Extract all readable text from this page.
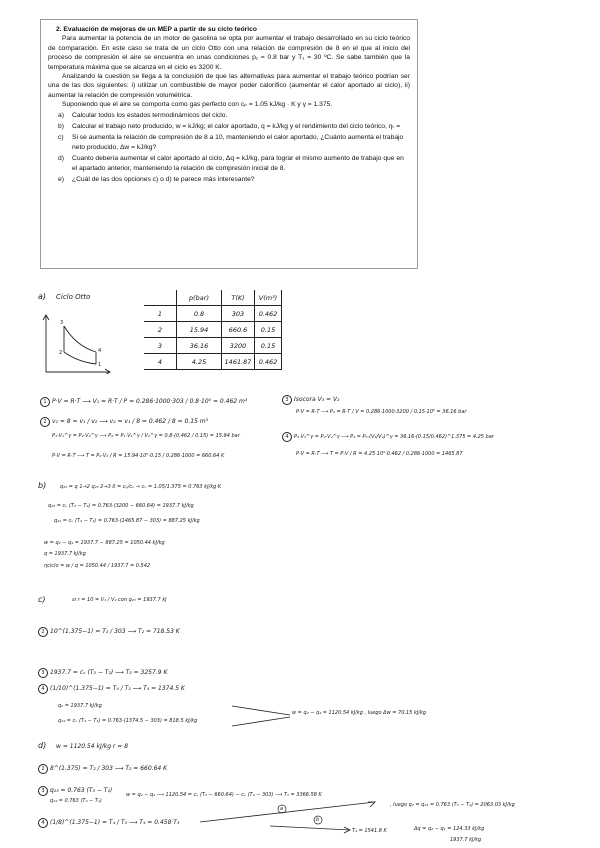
2. Evaluación de mejoras de un MEP a partir de su ciclo teórico

Para aumentar la potencia de un motor de gasolina se opta por aumentar el trabajo desarrollado en su ciclo teórico de comparación. En este caso se trata de un ciclo Otto con una relación de compresión de 8 en el que al inicio del proceso de compresión el aire se encuentra en unas condiciones p₁ = 0.8 bar y T₁ = 30 ºC. Se sabe también que la temperatura máxima que se alcanza en el ciclo es 3200 K.

Analizando la cuestión se llega a la conclusión de que las alternativas para aumentar el trabajo teórico podrían ser una de las dos siguientes: i) utilizar un combustible de mayor poder calorífico (aumentar el calor aportado al ciclo), ii) aumentar la relación de compresión volumétrica.

Suponiendo que el aire se comporta como gas perfecto con cₚ = 1.05 kJ/kg · K y γ = 1.375.

a) Calcular todos los estados termodinámicos del ciclo.
b) Calcular el trabajo neto producido, w = kJ/kg; el calor aportado, q = kJ/kg y el rendimiento del ciclo teórico, ηₜ =
c) Si se aumenta la relación de compresión de 8 a 10, manteniendo el calor aportado, ¿Cuánto aumenta el trabajo neto producido, Δw = kJ/kg?
d) Cuanto debería aumentar el calor aportado al ciclo, Δq = kJ/kg, para lograr el mismo aumento de trabajo que en el apartado anterior, manteniendo la relación de compresión inicial de 8.
e) ¿Cuál de las dos opciones c) o d) te parece más interesante?
a) Ciclo Otto
3
2	4
1
	p(bar)	T(K)	V(m³)
1	0.8	303	0.462
2	15.94	660.6	0.15
3	36.16	3200	0.15
4	4.25	1461.87	0.462
1 P·V = R·T ⟶ V₁ = R·T / P = 0.286·1000·303 / 0.8·10⁵ = 0.462 m³
2 v₂ = 8 = v₁ / v₂ ⟶ v₂ = v₁ / 8 = 0.462 / 8 = 0.15 m³
P₁·V₁^γ = P₂·V₂^γ ⟶ P₂ = P₁·V₁^γ / V₂^γ = 0.8·(0.462 / 0.15) = 15.94 bar
P·V = R·T ⟶ T = P₂·V₂ / R = 15.94·10⁵·0.15 / 0.286·1000 = 660.64 K
3 Isocora V₃ = V₂
P·V = R·T ⟶ P₃ = R·T / V = 0.286·1000·3200 / 0.15·10⁵ = 36.16 bar
4 P₃·V₃^γ = P₄·V₄^γ ⟶ P₄ = P₃·(V₃/V₄)^γ = 36.16·(0.15/0.462)^1.375 = 4.25 bar
P·V = R·T ⟶ T = P·V / R = 4.25·10⁵·0.462 / 0.286·1000 = 1465.87
b)	q₂₃ = q 1→2 q₂₃ 2→3 δ = cₚ/cᵥ → cᵥ = 1.05/1.375 = 0.763 kJ/kg·K
q₂₃ = cᵥ (T₃ − T₂) = 0.763·(3200 − 660.64) = 1937.7 kJ/kg
q₄₁ = cᵥ (T₄ − T₁) = 0.763·(1465.87 − 303) = 887.25 kJ/kg
w = q₂ − q₄ = 1937.7 − 887.25 = 1050.44 kJ/kg
q = 1937.7 kJ/kg
ηciclo = w / q = 1050.44 / 1937.7 = 0.542
c)	si r = 10 = V₁ / V₂ con q₂₃ = 1937.7 kJ
2 10^(1.375−1) = T₂ / 303 ⟶ T₂ = 718.53 K
3 1937.7 = cᵥ (T₃ − T₂) ⟶ T₃ = 3257.9 K
4 (1/10)^(1.375−1) = T₄ / T₃ ⟶ T₄ = 1374.5 K
q₂ = 1937.7 kJ/kg
q₄₁ = cᵥ (T₄ − T₁) = 0.763·(1374.5 − 303) = 818.5 kJ/kg
w = q₂ − q₄ = 1120.54 kJ/kg , luego Δw = 70.15 kJ/kg
d) w = 1120.54 kJ/kg r = 8
2 8^(1.375) = T₂ / 303 ⟶ T₂ = 660.64 K
3 q₂₃ = 0.763 (T₃ − T₂)
q₄₁ = 0.763 (T₄ − T₁)
w = q₂ − q₄ ⟶ 1120.54 = cᵥ (T₃ − 660.64) − cᵥ (T₄ − 303) ⟶ T₃ = 3366.58 K
4 (1/8)^(1.375−1) = T₄ / T₃ ⟶ T₄ = 0.458·T₃
a
b
T₄ = 1541.8 K
, luego q₂ = q₂₃ = 0.763 (T₃ − T₂) = 2063.03 kJ/kg
Δq = q₂ − q₁ = 124.33 kJ/kg
1937.7 kJ/kg
